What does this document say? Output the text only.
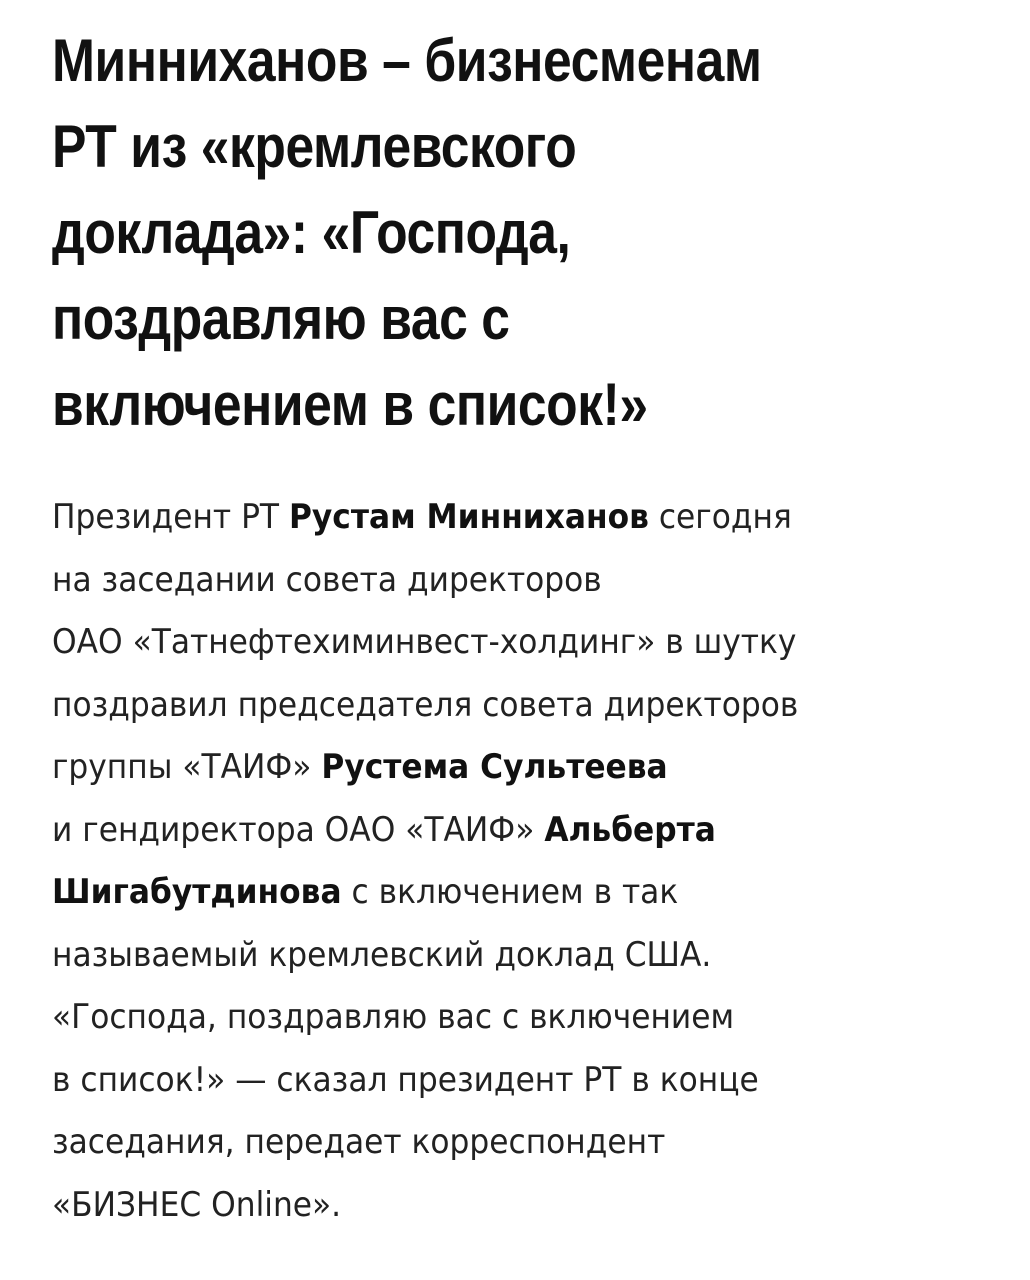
Минниханов – бизнесменам
РТ из «кремлевского
доклада»: «Господа,
поздравляю вас с
включением в список!»

Президент РТ Рустам Минниханов сегодня
на заседании совета директоров
ОАО «Татнефтехиминвест-холдинг» в шутку
поздравил председателя совета директоров
группы «ТАИФ» Рустема Сультеева
и гендиректора ОАО «ТАИФ» Альберта
Шигабутдинова с включением в так
называемый кремлевский доклад США.
«Господа, поздравляю вас с включением
в список!» — сказал президент РТ в конце
заседания, передает корреспондент
«БИЗНЕС Online».
